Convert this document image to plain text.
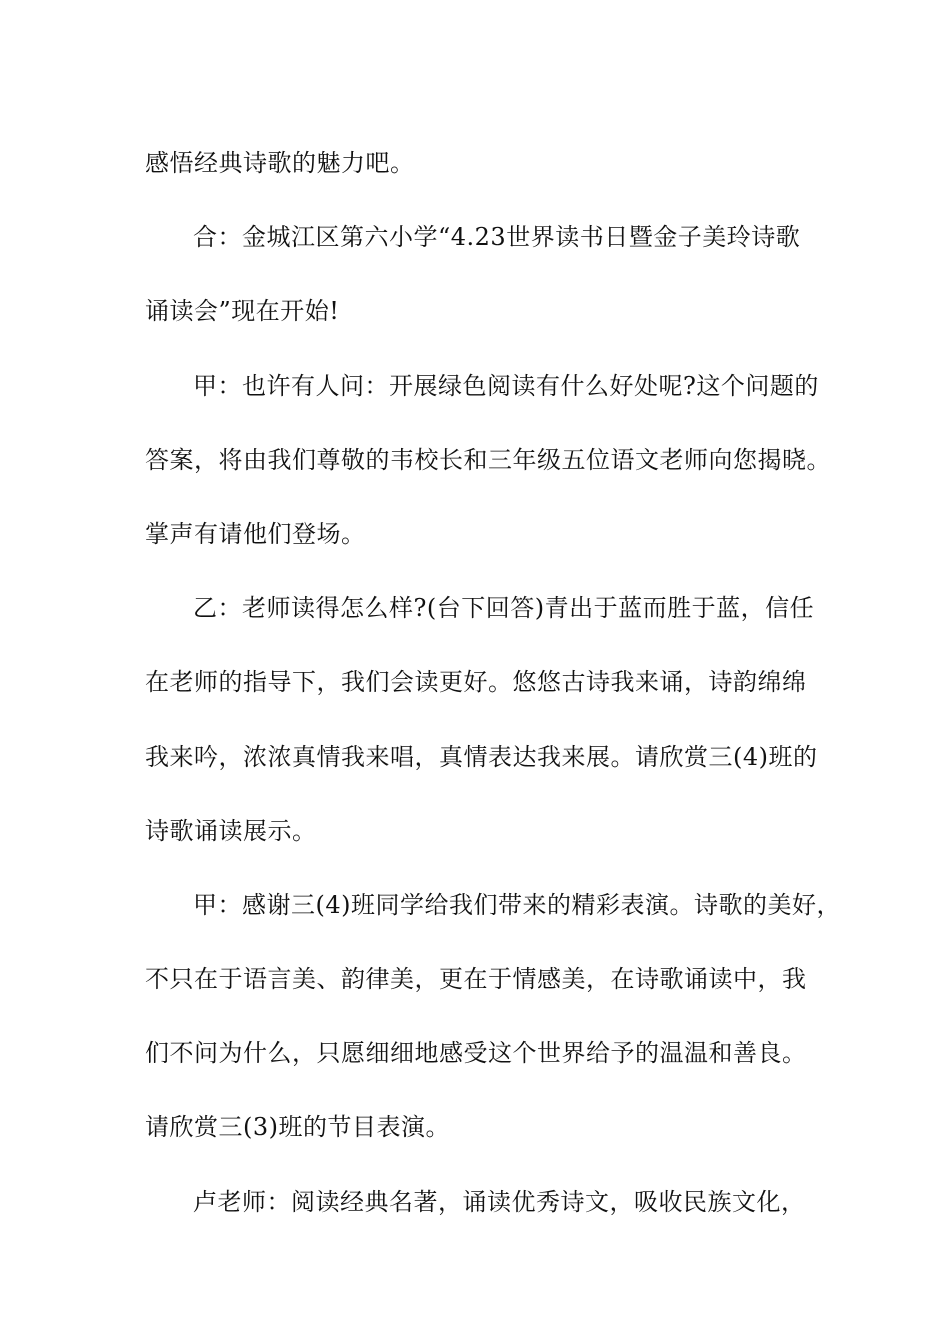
感悟经典诗歌的魅力吧。
合：金城江区第六小学“4.23世界读书日暨金子美玲诗歌
诵读会”现在开始!
甲：也许有人问：开展绿色阅读有什么好处呢?这个问题的
答案，将由我们尊敬的韦校长和三年级五位语文老师向您揭晓。
掌声有请他们登场。
乙：老师读得怎么样?(台下回答)青出于蓝而胜于蓝，信任
在老师的指导下，我们会读更好。悠悠古诗我来诵，诗韵绵绵
我来吟，浓浓真情我来唱，真情表达我来展。请欣赏三(4)班的
诗歌诵读展示。
甲：感谢三(4)班同学给我们带来的精彩表演。诗歌的美好，
不只在于语言美、韵律美，更在于情感美，在诗歌诵读中，我
们不问为什么，只愿细细地感受这个世界给予的温温和善良。
请欣赏三(3)班的节目表演。
卢老师：阅读经典名著，诵读优秀诗文，吸收民族文化，
